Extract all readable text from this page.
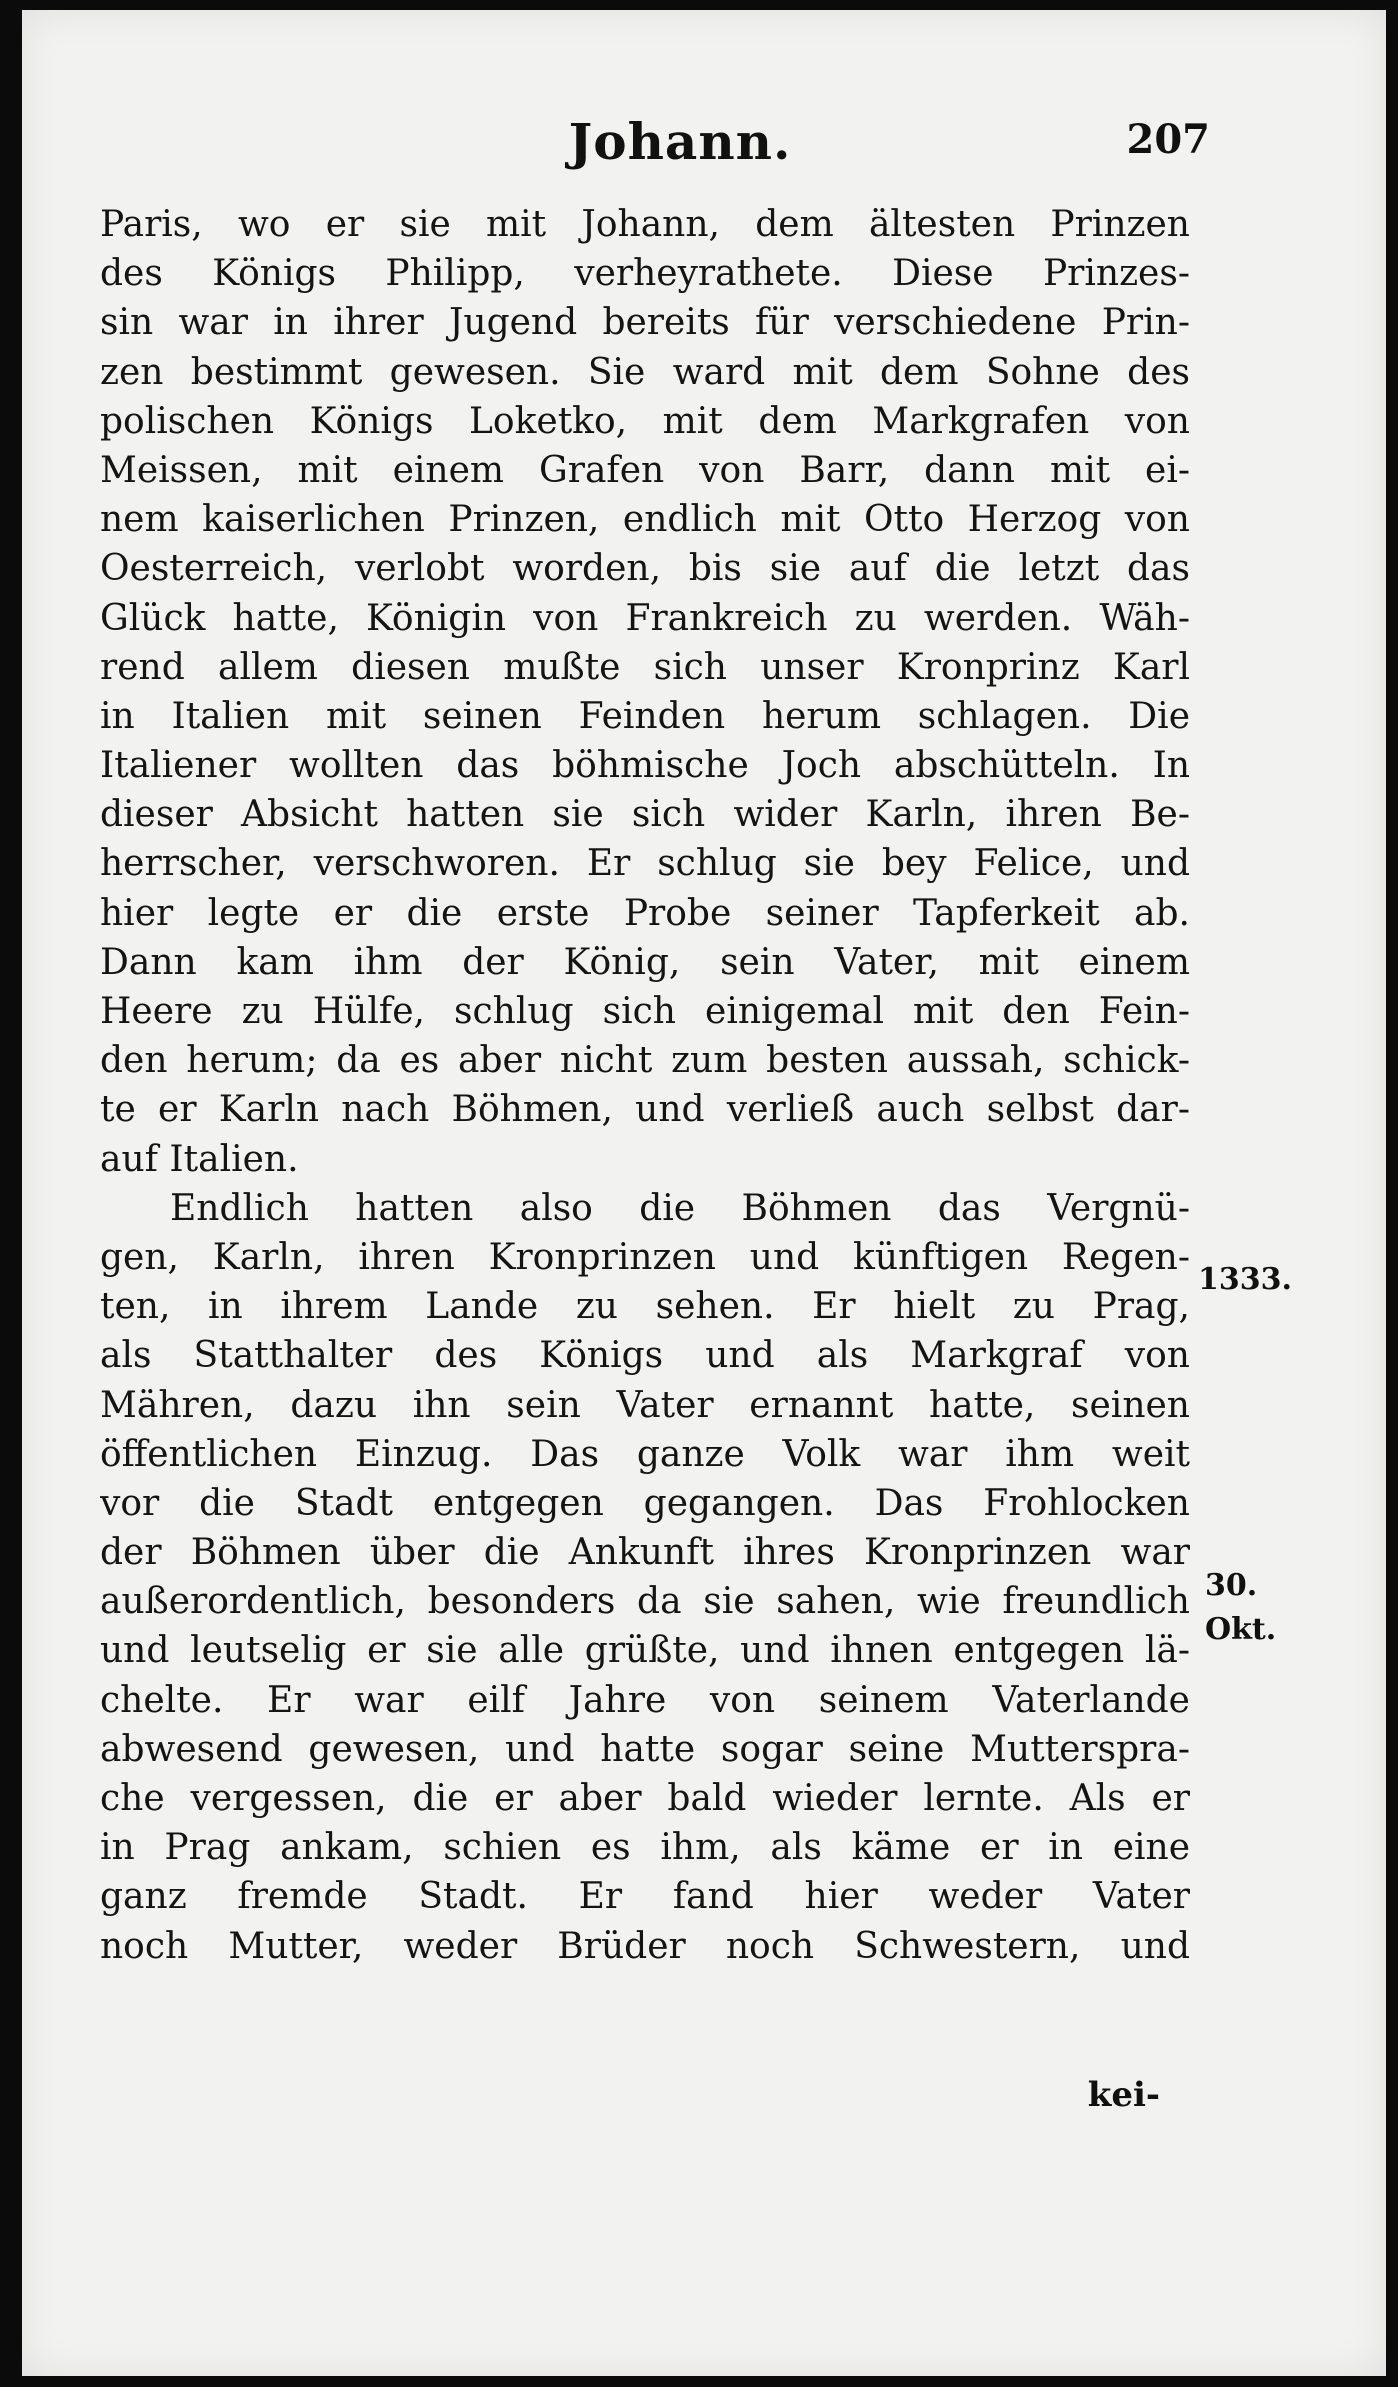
Johann.	207
Paris, wo er sie mit Johann, dem ältesten Prinzen
des Königs Philipp, verheyrathete. Diese Prinzes-
sin war in ihrer Jugend bereits für verschiedene Prin-
zen bestimmt gewesen. Sie ward mit dem Sohne des
polischen Königs Loketko, mit dem Markgrafen von
Meissen, mit einem Grafen von Barr, dann mit ei-
nem kaiserlichen Prinzen, endlich mit Otto Herzog von
Oesterreich, verlobt worden, bis sie auf die letzt das
Glück hatte, Königin von Frankreich zu werden. Wäh-
rend allem diesen mußte sich unser Kronprinz Karl
in Italien mit seinen Feinden herum schlagen. Die
Italiener wollten das böhmische Joch abschütteln. In
dieser Absicht hatten sie sich wider Karln, ihren Be-
herrscher, verschworen. Er schlug sie bey Felice, und
hier legte er die erste Probe seiner Tapferkeit ab.
Dann kam ihm der König, sein Vater, mit einem
Heere zu Hülfe, schlug sich einigemal mit den Fein-
den herum; da es aber nicht zum besten aussah, schick-
te er Karln nach Böhmen, und verließ auch selbst dar-
auf Italien.
Endlich hatten also die Böhmen das Vergnü-
gen, Karln, ihren Kronprinzen und künftigen Regen-
ten, in ihrem Lande zu sehen. Er hielt zu Prag,
als Statthalter des Königs und als Markgraf von
Mähren, dazu ihn sein Vater ernannt hatte, seinen
öffentlichen Einzug. Das ganze Volk war ihm weit
vor die Stadt entgegen gegangen. Das Frohlocken
der Böhmen über die Ankunft ihres Kronprinzen war
außerordentlich, besonders da sie sahen, wie freundlich
und leutselig er sie alle grüßte, und ihnen entgegen lä-
chelte. Er war eilf Jahre von seinem Vaterlande
abwesend gewesen, und hatte sogar seine Mutterspra-
che vergessen, die er aber bald wieder lernte. Als er
in Prag ankam, schien es ihm, als käme er in eine
ganz fremde Stadt. Er fand hier weder Vater
noch Mutter, weder Brüder noch Schwestern, und
kei-
1333.
30.
Okt.
